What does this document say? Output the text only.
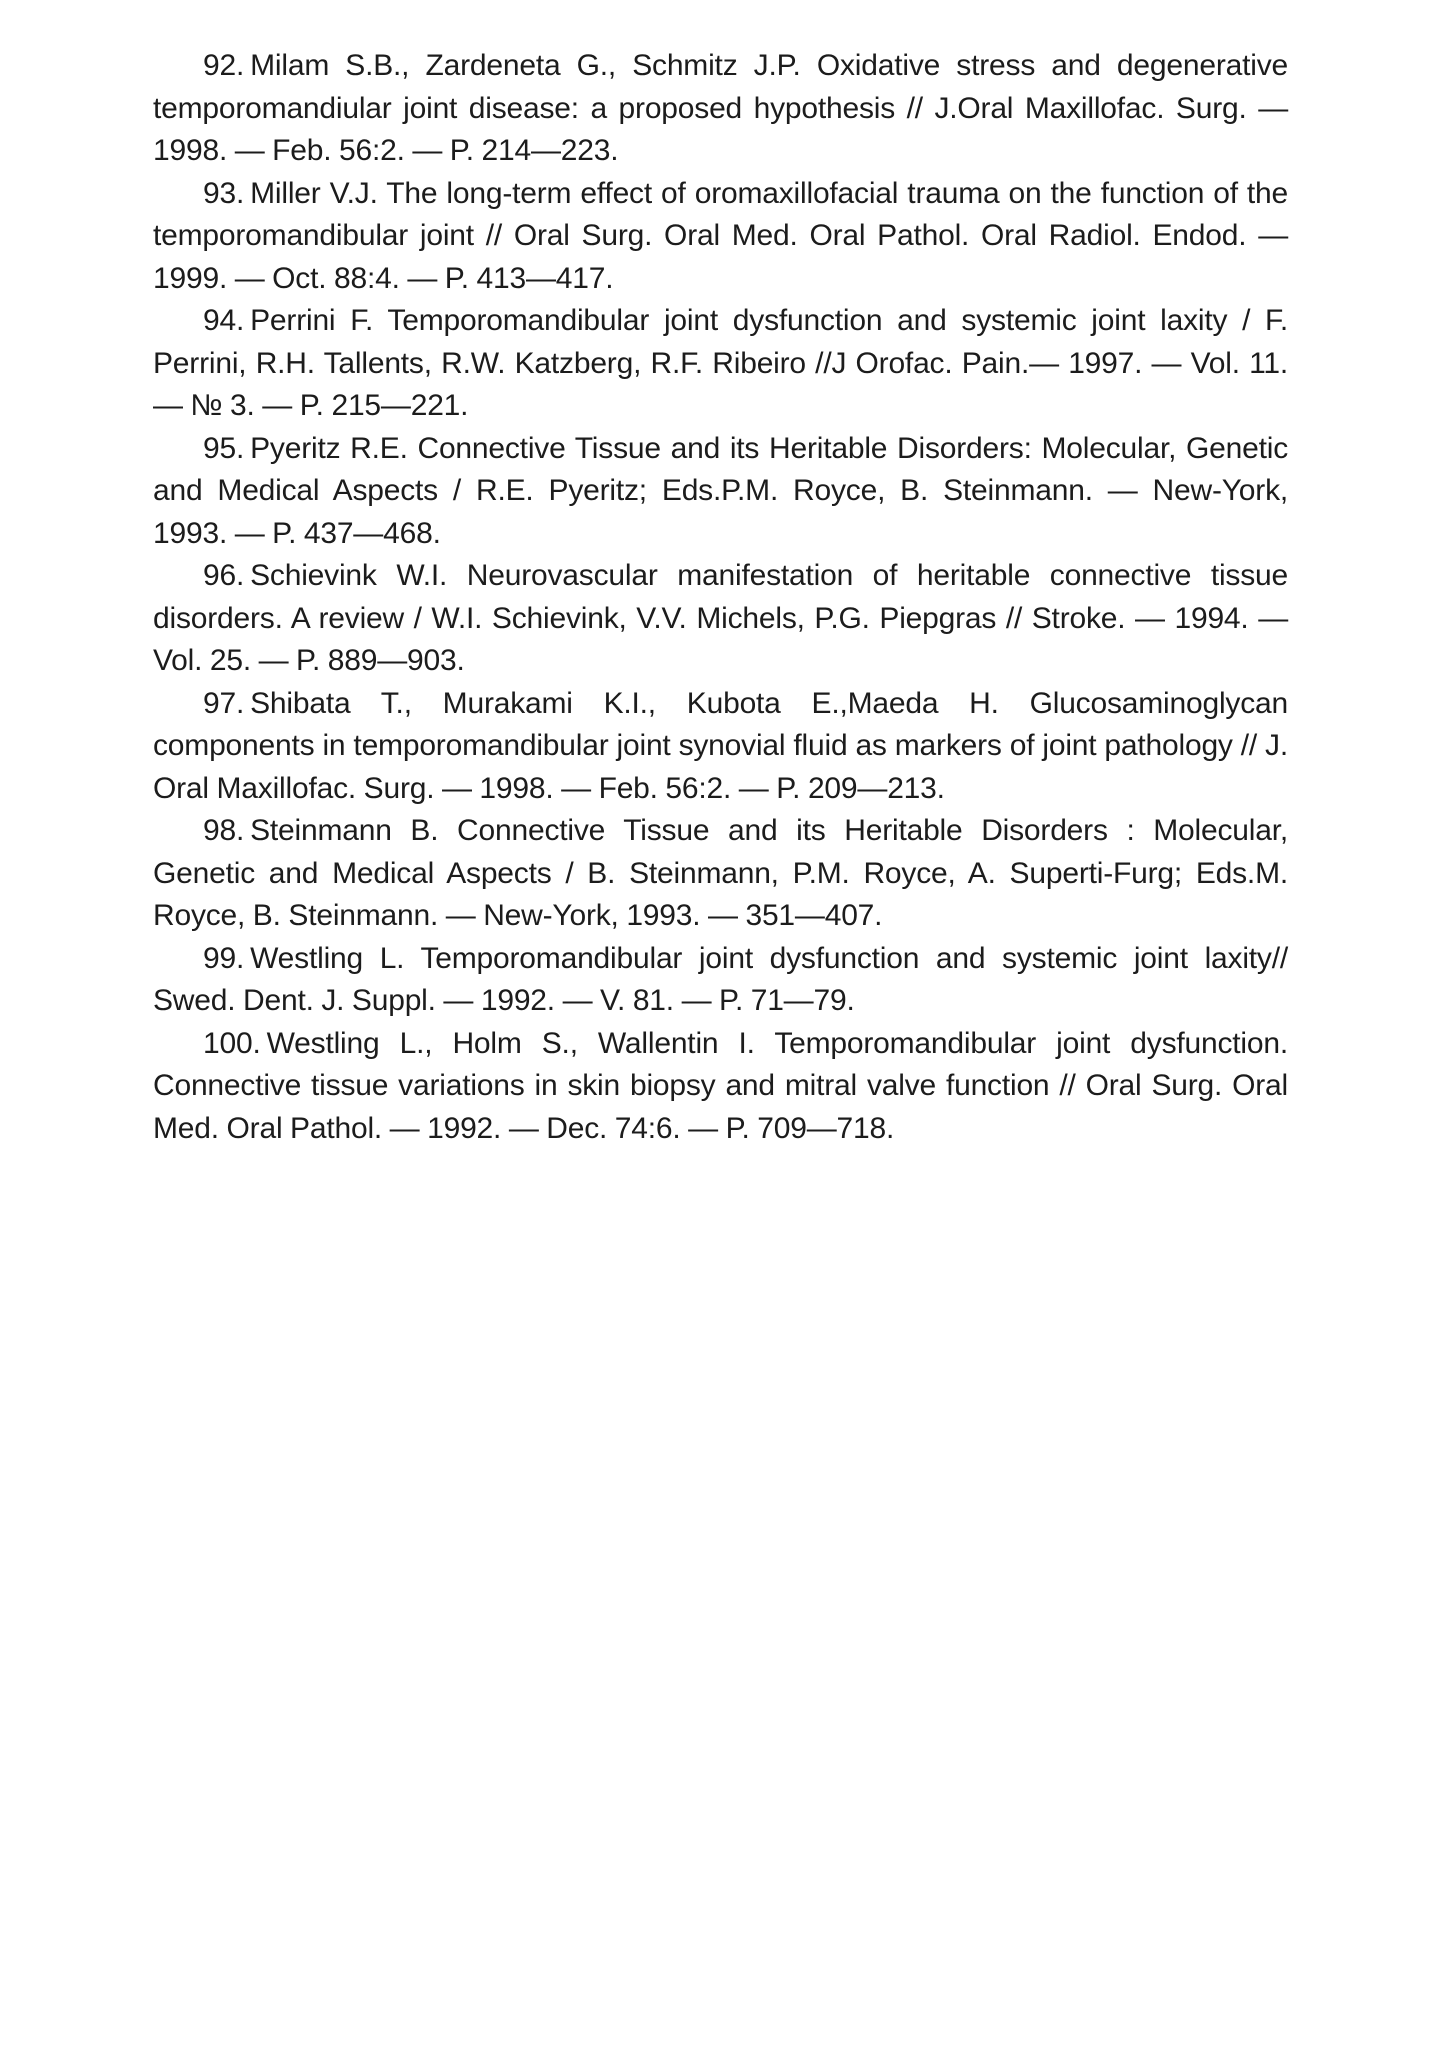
92. Milam S.B., Zardeneta G., Schmitz J.P. Oxidative stress and degenerative temporomandiular joint disease: a proposed hypothesis // J.Oral Maxillofac. Surg. — 1998. — Feb. 56:2. — P. 214—223.
93. Miller V.J. The long-term effect of oromaxillofacial trauma on the function of the temporomandibular joint // Oral Surg. Oral Med. Oral Pathol. Oral Radiol. Endod. — 1999. — Oct. 88:4. — P. 413—417.
94. Perrini F. Temporomandibular joint dysfunction and systemic joint laxity / F. Perrini, R.H. Tallents, R.W. Katzberg, R.F. Ribeiro //J Orofac. Pain.— 1997. — Vol. 11. — № 3. — P. 215—221.
95. Pyeritz R.E. Connective Tissue and its Heritable Disorders: Molecular, Genetic and Medical Aspects / R.E. Pyeritz; Eds.P.M. Royce, B. Steinmann. — New-York, 1993. — P. 437—468.
96. Schievink W.I. Neurovascular manifestation of heritable connective tissue disorders. A review / W.I. Schievink, V.V. Michels, P.G. Piepgras // Stroke. — 1994. — Vol. 25. — P. 889—903.
97. Shibata T., Murakami K.I., Kubota E.,Maeda H. Glucosaminoglycan components in temporomandibular joint synovial fluid as markers of joint pathology // J. Oral Maxillofac. Surg. — 1998. — Feb. 56:2. — P. 209—213.
98. Steinmann B. Connective Tissue and its Heritable Disorders : Molecular, Genetic and Medical Aspects / B. Steinmann, P.M. Royce, A. Superti-Furg; Eds.M. Royce, B. Steinmann. — New-York, 1993. — 351—407.
99. Westling L. Temporomandibular joint dysfunction and systemic joint laxity// Swed. Dent. J. Suppl. — 1992. — V. 81. — P. 71—79.
100. Westling L., Holm S., Wallentin I. Temporomandibular joint dysfunction. Connective tissue variations in skin biopsy and mitral valve function // Oral Surg. Oral Med. Oral Pathol. — 1992. — Dec. 74:6. — P. 709—718.
